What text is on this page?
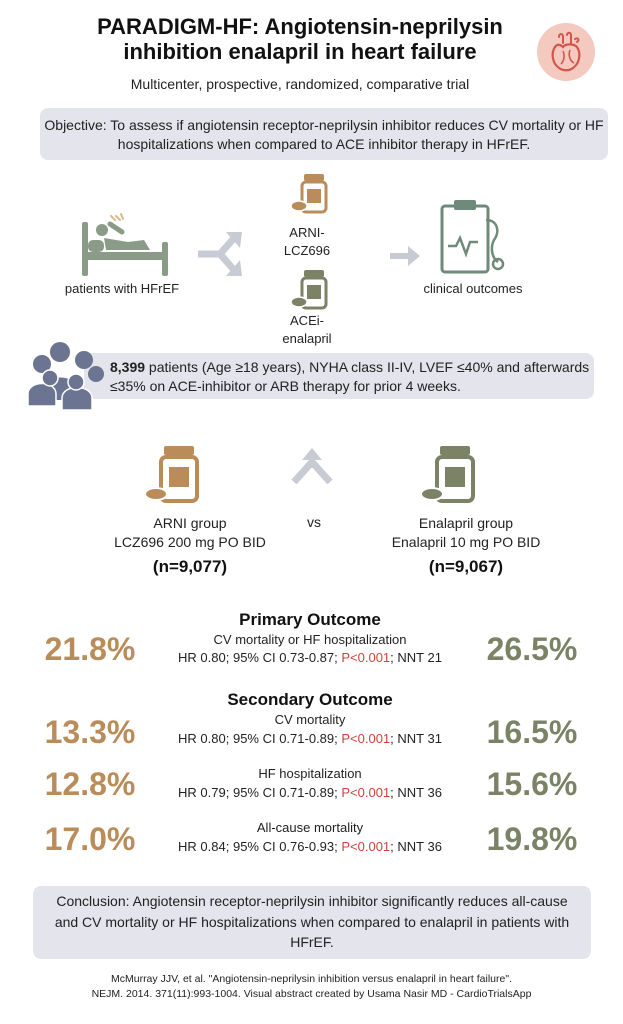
PARADIGM-HF: Angiotensin-neprilysin inhibition enalapril in heart failure
Multicenter, prospective, randomized, comparative trial
Objective: To assess if angiotensin receptor-neprilysin inhibitor reduces CV mortality or HF hospitalizations when compared to ACE inhibitor therapy in HFrEF.
patients with HFrEF
ARNI- LCZ696
ACEi- enalapril
clinical outcomes
8,399 patients (Age ≥18 years), NYHA class II-IV, LVEF ≤40% and afterwards ≤35% on ACE-inhibitor or ARB therapy for prior 4 weeks.
ARNI group
LCZ696 200 mg PO BID
(n=9,077)
vs	Enalapril group
Enalapril 10 mg PO BID
(n=9,067)
Primary Outcome
21.8%	CV mortality or HF hospitalization
HR 0.80; 95% CI 0.73-0.87; P<0.001; NNT 21	26.5%
Secondary Outcome
13.3%	CV mortality
HR 0.80; 95% CI 0.71-0.89; P<0.001; NNT 31	16.5%
12.8%	HF hospitalization
HR 0.79; 95% CI 0.71-0.89; P<0.001; NNT 36	15.6%
17.0%	All-cause mortality
HR 0.84; 95% CI 0.76-0.93; P<0.001; NNT 36	19.8%
Conclusion: Angiotensin receptor-neprilysin inhibitor significantly reduces all-cause and CV mortality or HF hospitalizations when compared to enalapril in patients with HFrEF.
McMurray JJV, et al. "Angiotensin-neprilysin inhibition versus enalapril in heart failure".
NEJM. 2014. 371(11):993-1004. Visual abstract created by Usama Nasir MD - CardioTrialsApp
